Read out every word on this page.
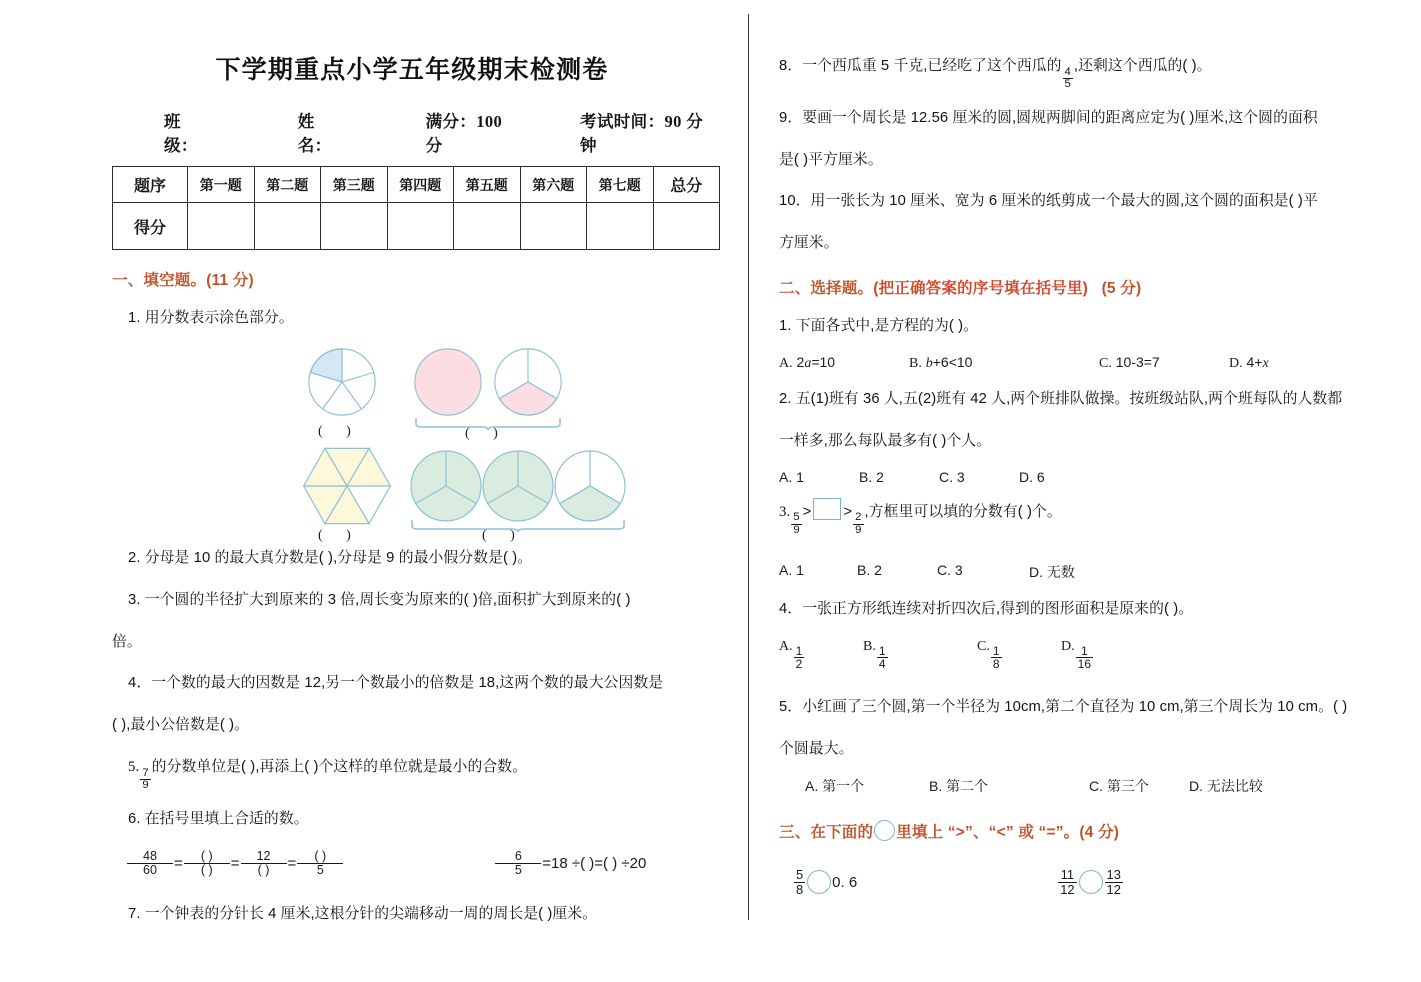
下学期重点小学五年级期末检测卷
班级：
姓名：
满分：100 分
考试时间：90 分钟
题序	第一题	第二题	第三题	第四题	第五题	第六题	第七题	总分
得分								
一、填空题。(11 分)
1. 用分数表示涂色部分。
( )	( )
( )	( )
2. 分母是 10 的最大真分数是( ),分母是 9 的最小假分数是( )。
3. 一个圆的半径扩大到原来的 3 倍,周长变为原来的( )倍,面积扩大到原来的( )
倍。
4．一个数的最大的因数是 12,另一个数最小的倍数是 18,这两个数的最大公因数是
( ),最小公倍数是( )。
5.
$\frac{7}{9}$
的分数单位是( ),再添上( )个这样的单位就是最小的合数。
6. 在括号里填上合适的数。
$\frac{48}{60} = \frac{( )}{( )} = \frac{12}{( )} = \frac{( )}{5}$	$\frac{6}{5} =18$ ÷( )=( ) ÷20
7. 一个钟表的分针长 4 厘米,这根分针的尖端移动一周的周长是( )厘米。
8．一个西瓜重 5 千克,已经吃了这个西瓜的
$\frac{4}{5}$
,还剩这个西瓜的( )。
9．要画一个周长是 12.56 厘米的圆,圆规两脚间的距离应定为( )厘米,这个圆的面积
是( )平方厘米。
10．用一张长为 10 厘米、宽为 6 厘米的纸剪成一个最大的圆,这个圆的面积是( )平
方厘米。
二、选择题。(把正确答案的序号填在括号里) (5 分)
1. 下面各式中,是方程的为( )。
A. 2a=10	B. b+6<10	C. 10-3=7	D. 4+x
2. 五(1)班有 36 人,五(2)班有 42 人,两个班排队做操。按班级站队,两个班每队的人数都
一样多,那么每队最多有( )个人。
A. 1	B. 2	C. 3	D. 6
3.
$\frac{5}{9}$
> >
$\frac{2}{9}$
,方框里可以填的分数有( )个。
A. 1	B. 2	C. 3	D. 无数
4．一张正方形纸连续对折四次后,得到的图形面积是原来的( )。
A. $\frac{1}{2}$	B. $\frac{1}{4}$	C. $\frac{1}{8}$	D. $\frac{1}{16}$
5．小红画了三个圆,第一个半径为 10cm,第二个直径为 10 cm,第三个周长为 10 cm。( )
个圆最大。
A. 第一个	B. 第二个	C. 第三个	D. 无法比较
三、在下面的 里填上 “>”、“<” 或 “=”。(4 分)
$\frac{5}{8} 0$. 6	$\frac{11}{12} \frac{13}{12}$
